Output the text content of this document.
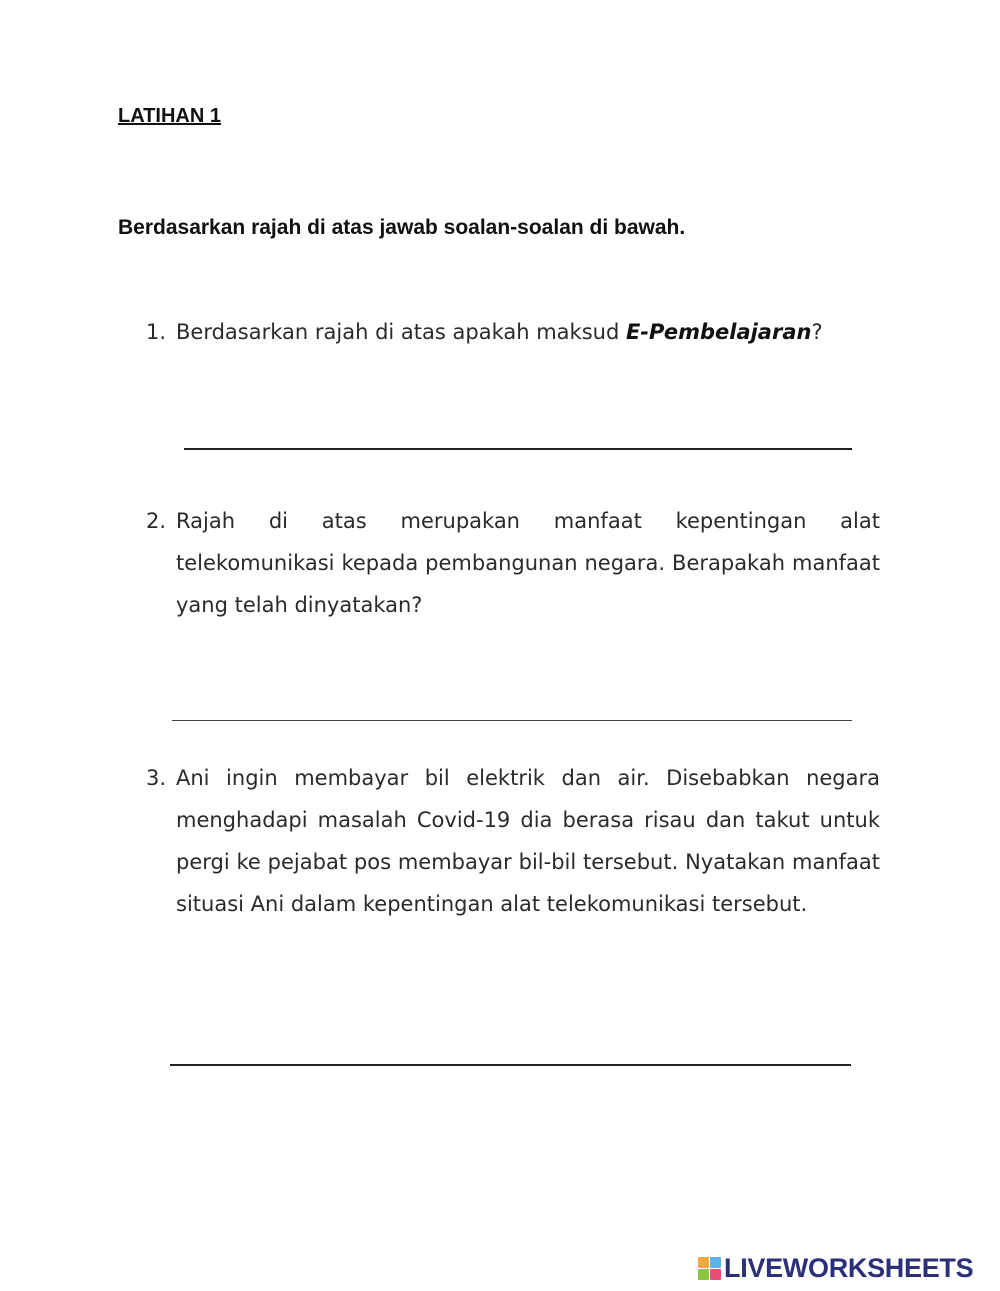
LATIHAN 1
Berdasarkan rajah di atas jawab soalan-soalan di bawah.
1. Berdasarkan rajah di atas apakah maksud E-Pembelajaran?
2. Rajah di atas merupakan manfaat kepentingan alat telekomunikasi kepada pembangunan negara. Berapakah manfaat yang telah dinyatakan?
3. Ani ingin membayar bil elektrik dan air. Disebabkan negara menghadapi masalah Covid-19 dia berasa risau dan takut untuk pergi ke pejabat pos membayar bil-bil tersebut. Nyatakan manfaat situasi Ani dalam kepentingan alat telekomunikasi tersebut.
LIVEWORKSHEETS
